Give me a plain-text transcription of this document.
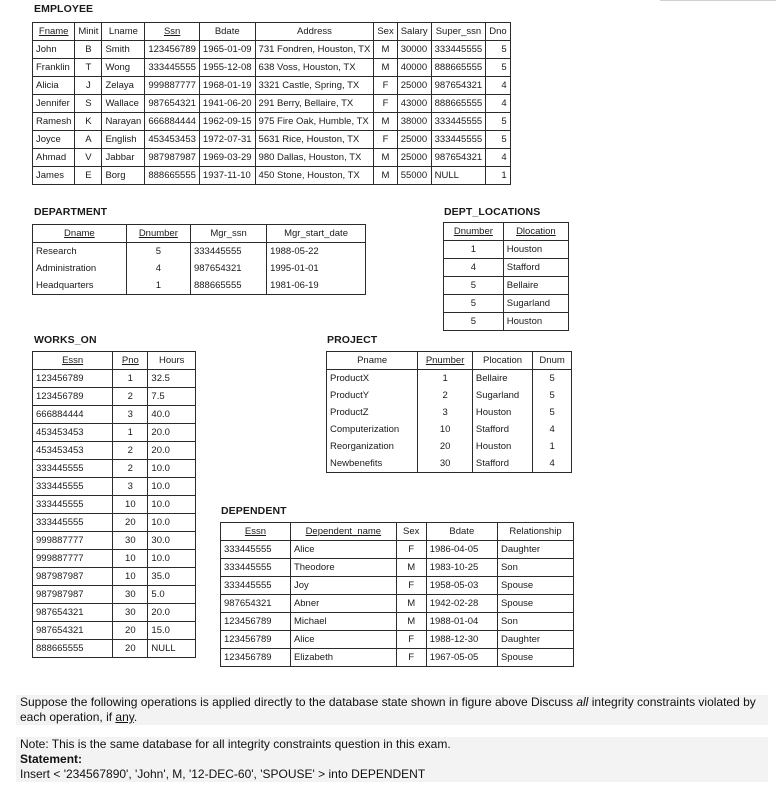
EMPLOYEE
Fname	Minit	Lname	Ssn	Bdate	Address	Sex	Salary	Super_ssn	Dno
John	B	Smith	123456789	1965-01-09	731 Fondren, Houston, TX	M	30000	333445555	5
Franklin	T	Wong	333445555	1955-12-08	638 Voss, Houston, TX	M	40000	888665555	5
Alicia	J	Zelaya	999887777	1968-01-19	3321 Castle, Spring, TX	F	25000	987654321	4
Jennifer	S	Wallace	987654321	1941-06-20	291 Berry, Bellaire, TX	F	43000	888665555	4
Ramesh	K	Narayan	666884444	1962-09-15	975 Fire Oak, Humble, TX	M	38000	333445555	5
Joyce	A	English	453453453	1972-07-31	5631 Rice, Houston, TX	F	25000	333445555	5
Ahmad	V	Jabbar	987987987	1969-03-29	980 Dallas, Houston, TX	M	25000	987654321	4
James	E	Borg	888665555	1937-11-10	450 Stone, Houston, TX	M	55000	NULL	1
DEPARTMENT
Dname	Dnumber	Mgr_ssn	Mgr_start_date
Research	5	333445555	1988-05-22
Administration	4	987654321	1995-01-01
Headquarters	1	888665555	1981-06-19
DEPT_LOCATIONS
Dnumber	Dlocation
1	Houston
4	Stafford
5	Bellaire
5	Sugarland
5	Houston
WORKS_ON
Essn	Pno	Hours
123456789	1	32.5
123456789	2	7.5
666884444	3	40.0
453453453	1	20.0
453453453	2	20.0
333445555	2	10.0
333445555	3	10.0
333445555	10	10.0
333445555	20	10.0
999887777	30	30.0
999887777	10	10.0
987987987	10	35.0
987987987	30	5.0
987654321	30	20.0
987654321	20	15.0
888665555	20	NULL
PROJECT
Pname	Pnumber	Plocation	Dnum
ProductX	1	Bellaire	5
ProductY	2	Sugarland	5
ProductZ	3	Houston	5
Computerization	10	Stafford	4
Reorganization	20	Houston	1
Newbenefits	30	Stafford	4
DEPENDENT
Essn	Dependent_name	Sex	Bdate	Relationship
333445555	Alice	F	1986-04-05	Daughter
333445555	Theodore	M	1983-10-25	Son
333445555	Joy	F	1958-05-03	Spouse
987654321	Abner	M	1942-02-28	Spouse
123456789	Michael	M	1988-01-04	Son
123456789	Alice	F	1988-12-30	Daughter
123456789	Elizabeth	F	1967-05-05	Spouse

Suppose the following operations is applied directly to the database state shown in figure above Discuss all integrity constraints violated by each operation, if any.

Note: This is the same database for all integrity constraints question in this exam.

Statement:

Insert < '234567890', 'John', M, '12-DEC-60', 'SPOUSE' > into DEPENDENT
